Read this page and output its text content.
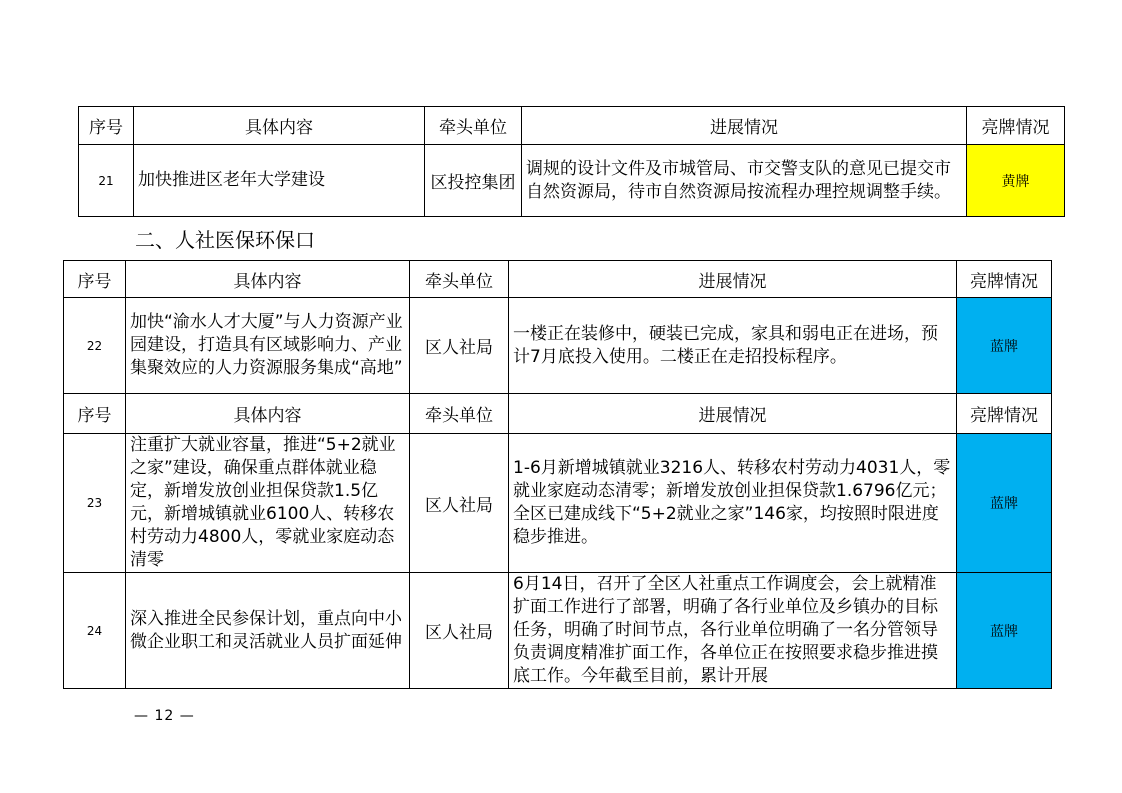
序号	具体内容	牵头单位	进展情况	亮牌情况
21	加快推进区老年大学建设	区投控集团	调规的设计文件及市城管局、市交警支队的意见已提交市自然资源局，待市自然资源局按流程办理控规调整手续。	黄牌
二、人社医保环保口
序号	具体内容	牵头单位	进展情况	亮牌情况
22	加快“渝水人才大厦”与人力资源产业园建设，打造具有区域影响力、产业集聚效应的人力资源服务集成“高地”	区人社局	一楼正在装修中，硬装已完成，家具和弱电正在进场，预计7月底投入使用。二楼正在走招投标程序。	蓝牌
序号	具体内容	牵头单位	进展情况	亮牌情况
23	注重扩大就业容量，推进“5+2就业之家”建设，确保重点群体就业稳定，新增发放创业担保贷款1.5亿元，新增城镇就业6100人、转移农村劳动力4800人，零就业家庭动态清零	区人社局	1-6月新增城镇就业3216人、转移农村劳动力4031人，零就业家庭动态清零；新增发放创业担保贷款1.6796亿元；全区已建成线下“5+2就业之家”146家，均按照时限进度稳步推进。	蓝牌
24	深入推进全民参保计划，重点向中小微企业职工和灵活就业人员扩面延伸	区人社局	6月14日，召开了全区人社重点工作调度会，会上就精准扩面工作进行了部署，明确了各行业单位及乡镇办的目标任务，明确了时间节点，各行业单位明确了一名分管领导负责调度精准扩面工作，各单位正在按照要求稳步推进摸底工作。今年截至目前，累计开展	蓝牌
— 12 —
